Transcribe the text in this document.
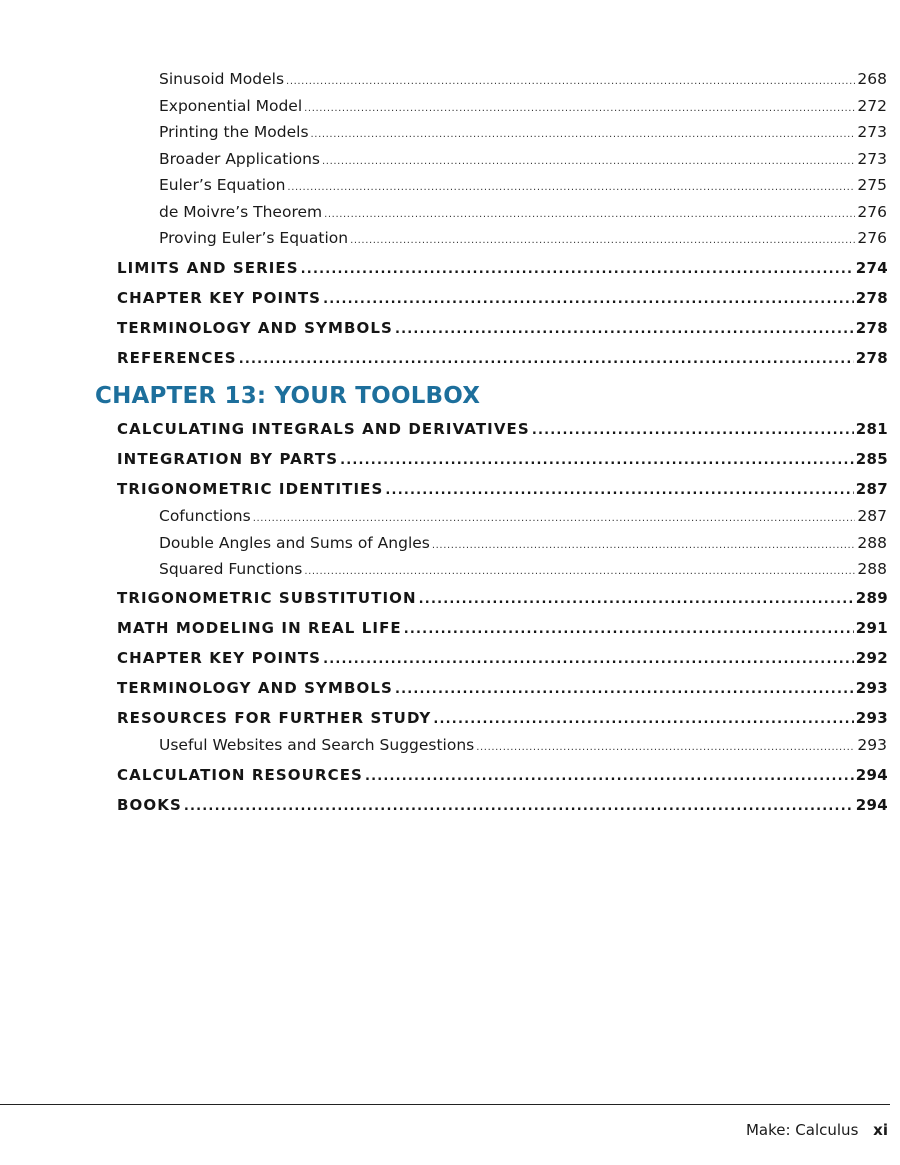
Sinusoid Models .....	268
Exponential Model .....	272
Printing the Models .....	273
Broader Applications .....	273
Euler’s Equation .....	275
de Moivre’s Theorem .....	276
Proving Euler’s Equation .....	276
LIMITS AND SERIES .....	274
CHAPTER KEY POINTS .....	278
TERMINOLOGY AND SYMBOLS .....	278
REFERENCES .....	278
CHAPTER 13: YOUR TOOLBOX
CALCULATING INTEGRALS AND DERIVATIVES .....	281
INTEGRATION BY PARTS .....	285
TRIGONOMETRIC IDENTITIES .....	287
Cofunctions .....	287
Double Angles and Sums of Angles .....	288
Squared Functions .....	288
TRIGONOMETRIC SUBSTITUTION .....	289
MATH MODELING IN REAL LIFE .....	291
CHAPTER KEY POINTS .....	292
TERMINOLOGY AND SYMBOLS .....	293
RESOURCES FOR FURTHER STUDY .....	293
Useful Websites and Search Suggestions .....	293
CALCULATION RESOURCES .....	294
BOOKS .....	294
Make: Calculus xi
